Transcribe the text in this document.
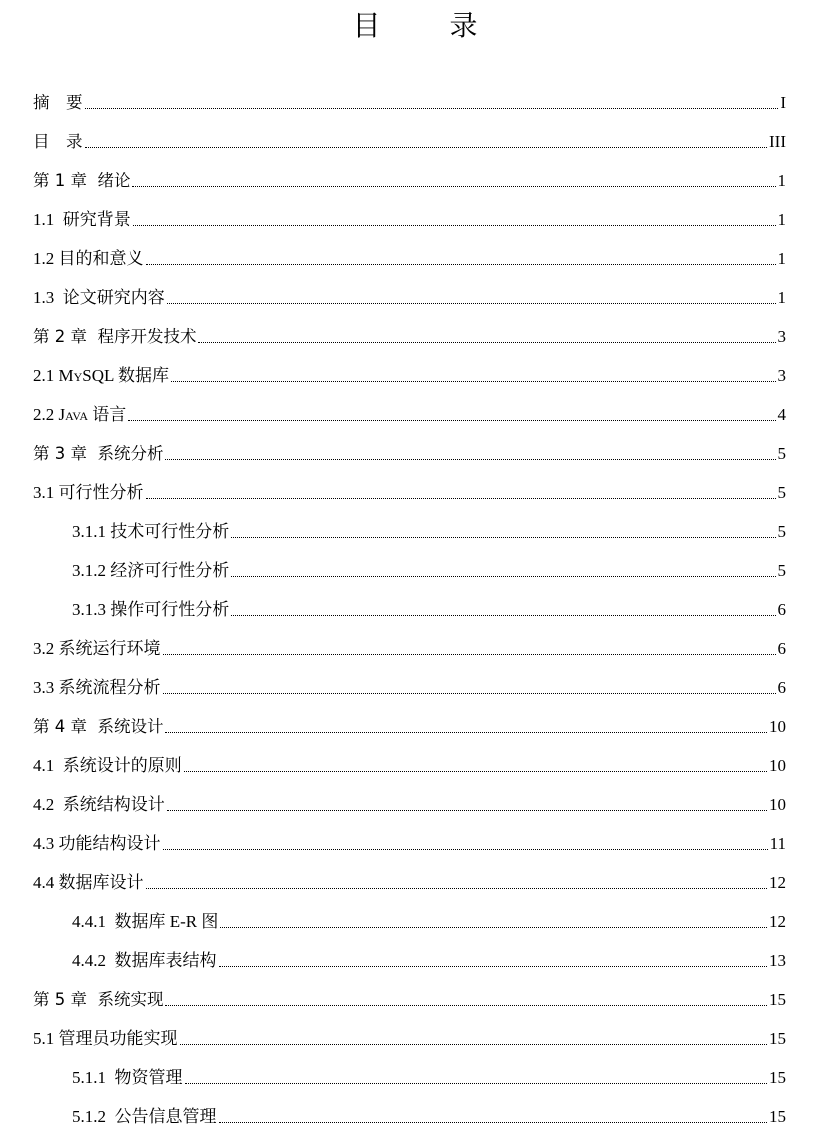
目 录
摘　要	I
目　录	III
第 1 章  绪论	1
1.1  研究背景	1
1.2 目的和意义	1
1.3  论文研究内容	1
第 2 章  程序开发技术	3
2.1 MySQL 数据库	3
2.2 Java 语言	4
第 3 章  系统分析	5
3.1 可行性分析	5
3.1.1 技术可行性分析	5
3.1.2 经济可行性分析	5
3.1.3 操作可行性分析	6
3.2 系统运行环境	6
3.3 系统流程分析	6
第 4 章  系统设计	10
4.1  系统设计的原则	10
4.2  系统结构设计	10
4.3 功能结构设计	11
4.4 数据库设计	12
4.4.1  数据库 E-R 图	12
4.4.2  数据库表结构	13
第 5 章  系统实现	15
5.1 管理员功能实现	15
5.1.1  物资管理	15
5.1.2  公告信息管理	15
